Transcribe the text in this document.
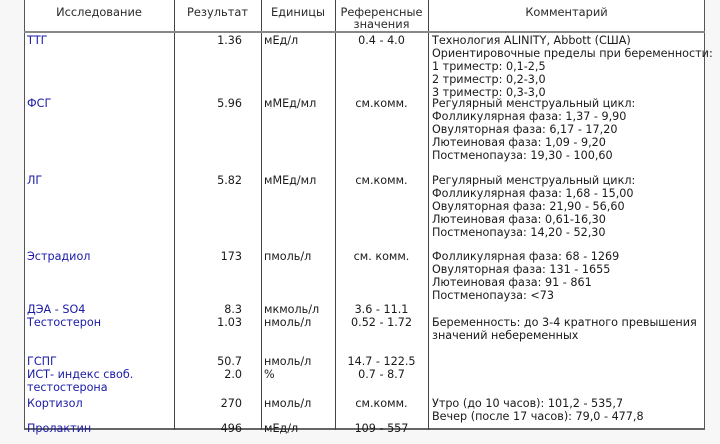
Исследование	Результат	Единицы	Референсные
значения
Комментарий
ТТГ	1.36 мЕд/л	0.4 - 4.0	Технология ALINITY, Abbott (США)
Ориентировочные пределы при беременности:
1 триместр: 0,1-2,5
2 триместр: 0,2-3,0
3 триместр: 0,3-3,0
ФСГ	5.96 мМЕд/мл	см.комм.	Регулярный менструальный цикл:
Фолликулярная фаза: 1,37 - 9,90
Овуляторная фаза: 6,17 - 17,20
Лютеиновая фаза: 1,09 - 9,20
Постменопауза: 19,30 - 100,60
ЛГ	5.82 мМЕд/мл	см.комм.	Регулярный менструальный цикл:
Фолликулярная фаза: 1,68 - 15,00
Овуляторная фаза: 21,90 - 56,60
Лютеиновая фаза: 0,61-16,30
Постменопауза: 14,20 - 52,30
Эстрадиол	173 пмоль/л	см. комм.	Фолликулярная фаза: 68 - 1269
Овуляторная фаза: 131 - 1655
Лютеиновая фаза: 91 - 861
Постменопауза: <73
ДЭА - SO4	8.3 мкмоль/л	3.6 - 11.1
Тестостерон	1.03 нмоль/л	0.52 - 1.72	Беременность: до 3-4 кратного превышения
значений небеременных
ГСПГ	50.7 нмоль/л	14.7 - 122.5
ИСТ- индекс своб.
тестостерона
2.0 %	0.7 - 8.7
Кортизол	270 нмоль/л	см.комм.	Утро (до 10 часов): 101,2 - 535,7
Вечер (после 17 часов): 79,0 - 477,8
Пролактин	496 мЕд/л	109 - 557
